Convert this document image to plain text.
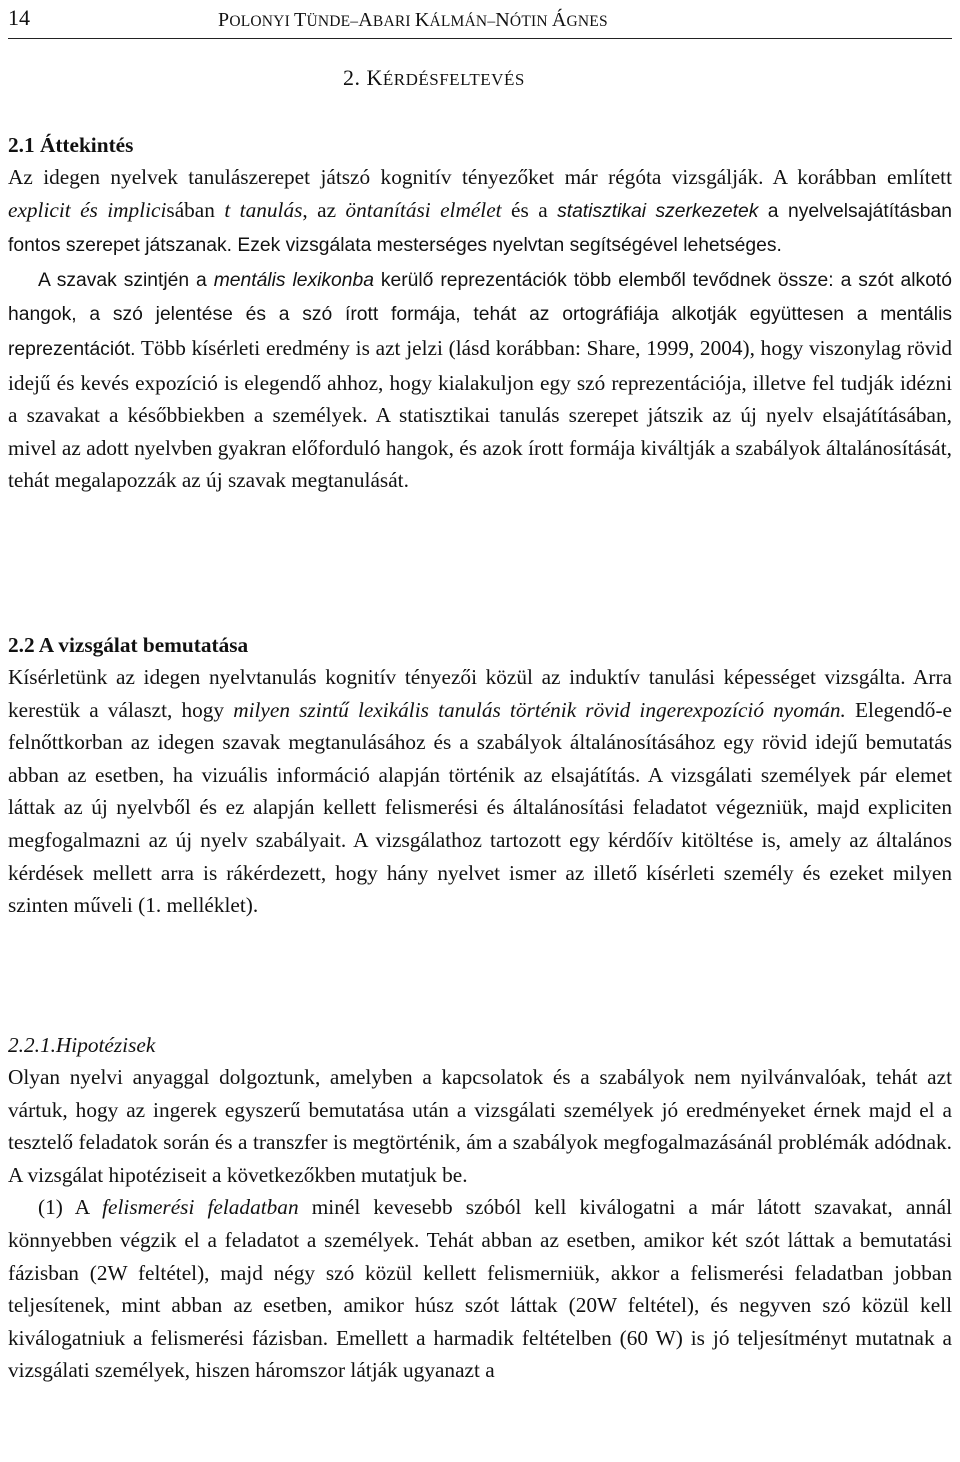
14	POLONYI TÜNDE–ABARI KÁLMÁN–NÓTIN ÁGNES
2. KÉRDÉSFELTEVÉS
2.1 Áttekintés

Az idegen nyelvek tanulászerepet játszó kognitív tényezőket már régóta vizsgálják. A korábban említett explicit és implicisában t tanulás, az öntanítási elmélet és a statisztikai szerkezetek a nyelvelsajátításban fontos szerepet játszanak. Ezek vizsgálata mesterséges nyelvtan segítségével lehetséges.

A szavak szintjén a mentális lexikonba kerülő reprezentációk több elemből tevődnek össze: a szót alkotó hangok, a szó jelentése és a szó írott formája, tehát az ortográfiája alkotják együttesen a mentális reprezentációt. Több kísérleti eredmény is azt jelzi (lásd korábban: Share, 1999, 2004), hogy viszonylag rövid idejű és kevés expozíció is elegendő ahhoz, hogy kialakuljon egy szó reprezentációja, illetve fel tudják idézni a szavakat a későbbiekben a személyek. A statisztikai tanulás szerepet játszik az új nyelv elsajátításában, mivel az adott nyelvben gyakran előforduló hangok, és azok írott formája kiváltják a szabályok általánosítását, tehát megalapozzák az új szavak megtanulását.

2.2 A vizsgálat bemutatása

Kísérletünk az idegen nyelvtanulás kognitív tényezői közül az induktív tanulási képességet vizsgálta. Arra kerestük a választ, hogy milyen szintű lexikális tanulás történik rövid ingerexpozíció nyomán. Elegendő-e felnőttkorban az idegen szavak megtanulásához és a szabályok általánosításához egy rövid idejű bemutatás abban az esetben, ha vizuális információ alapján történik az elsajátítás. A vizsgálati személyek pár elemet láttak az új nyelvből és ez alapján kellett felismerési és általánosítási feladatot végezniük, majd expliciten megfogalmazni az új nyelv szabályait. A vizsgálathoz tartozott egy kérdőív kitöltése is, amely az általános kérdések mellett arra is rákérdezett, hogy hány nyelvet ismer az illető kísérleti személy és ezeket milyen szinten műveli (1. melléklet).

2.2.1.Hipotézisek

Olyan nyelvi anyaggal dolgoztunk, amelyben a kapcsolatok és a szabályok nem nyilvánvalóak, tehát azt vártuk, hogy az ingerek egyszerű bemutatása után a vizsgálati személyek jó eredményeket érnek majd el a tesztelő feladatok során és a transzfer is megtörténik, ám a szabályok megfogalmazásánál problémák adódnak. A vizsgálat hipotéziseit a következőkben mutatjuk be.

(1) A felismerési feladatban minél kevesebb szóból kell kiválogatni a már látott szavakat, annál könnyebben végzik el a feladatot a személyek. Tehát abban az esetben, amikor két szót láttak a bemutatási fázisban (2W feltétel), majd négy szó közül kellett felismerniük, akkor a felismerési feladatban jobban teljesítenek, mint abban az esetben, amikor húsz szót láttak (20W feltétel), és negyven szó közül kell kiválogatniuk a felismerési fázisban. Emellett a harmadik feltételben (60 W) is jó teljesítményt mutatnak a vizsgálati személyek, hiszen háromszor látják ugyanazt a
